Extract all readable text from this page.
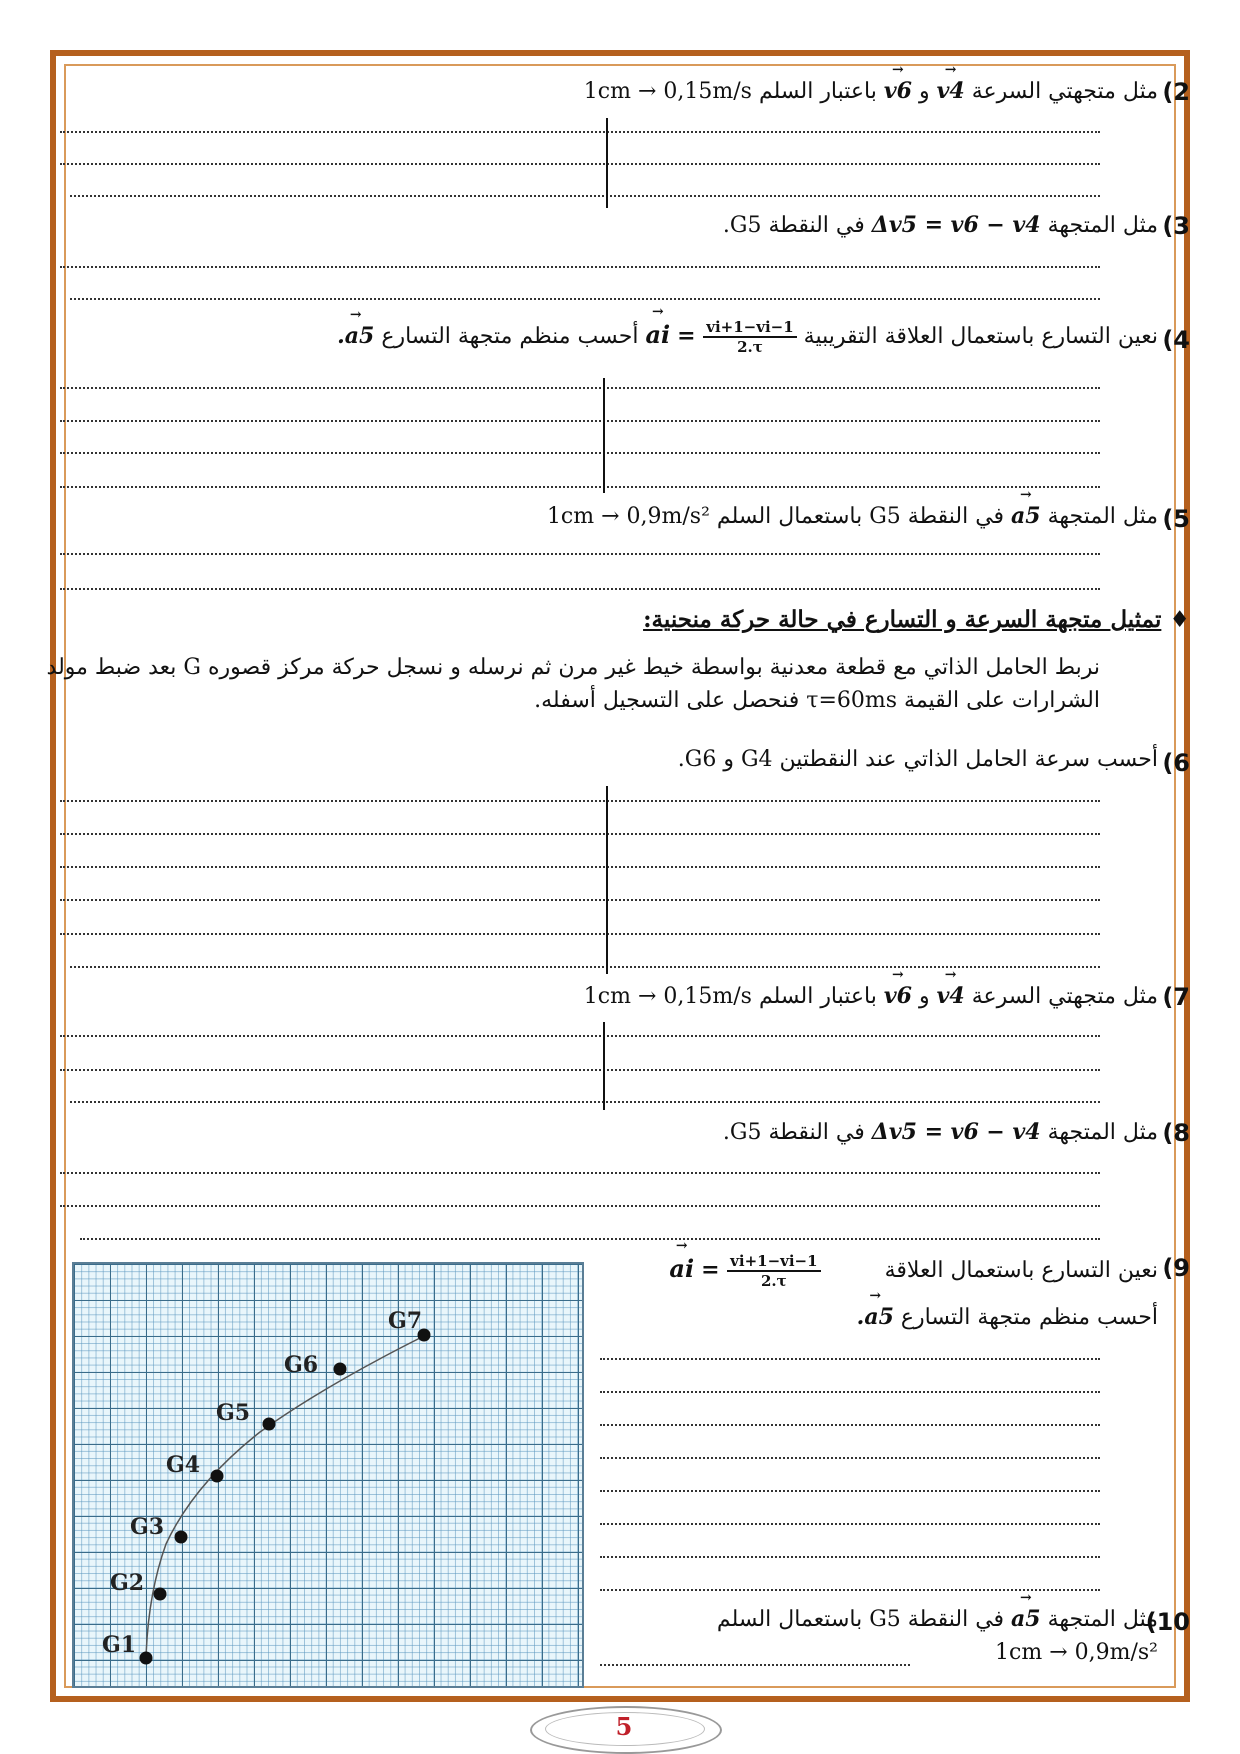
(2
مثل متجهتي السرعة → v4 و → v6 باعتبار السلم 1cm → 0,15m/s
(3
مثل المتجهة Δv5 = v6 − v4 في النقطة G5.
(4
نعين التسارع باستعمال العلاقة التقريبية → ai = $\frac{vi+1-vi-1}{2.\tau}$
أحسب منظم متجهة التسارع → a5.
(5
مثل المتجهة → a5 في النقطة G5 باستعمال السلم 1cm → 0,9m/s²
♦ تمثيل متجهة السرعة و التسارع في حالة حركة منحنية:
نربط الحامل الذاتي مع قطعة معدنية بواسطة خيط غير مرن ثم نرسله و نسجل حركة مركز قصوره G بعد ضبط مولد الشرارات على القيمة τ=60ms فنحصل على التسجيل أسفله.
(6
أحسب سرعة الحامل الذاتي عند النقطتين G4 و G6.
(7
مثل متجهتي السرعة → v4 و → v6 باعتبار السلم 1cm → 0,15m/s
(8
مثل المتجهة Δv5 = v6 − v4 في النقطة G5.
G1
G2
G3
G4
G5
G6
G7
(9
نعين التسارع باستعمال العلاقة  → ai = $\frac{vi+1-vi-1}{2.\tau}$
أحسب منظم متجهة التسارع → a5.
(10
مثل المتجهة → a5 في النقطة G5 باستعمال السلم
1cm → 0,9m/s²
5
